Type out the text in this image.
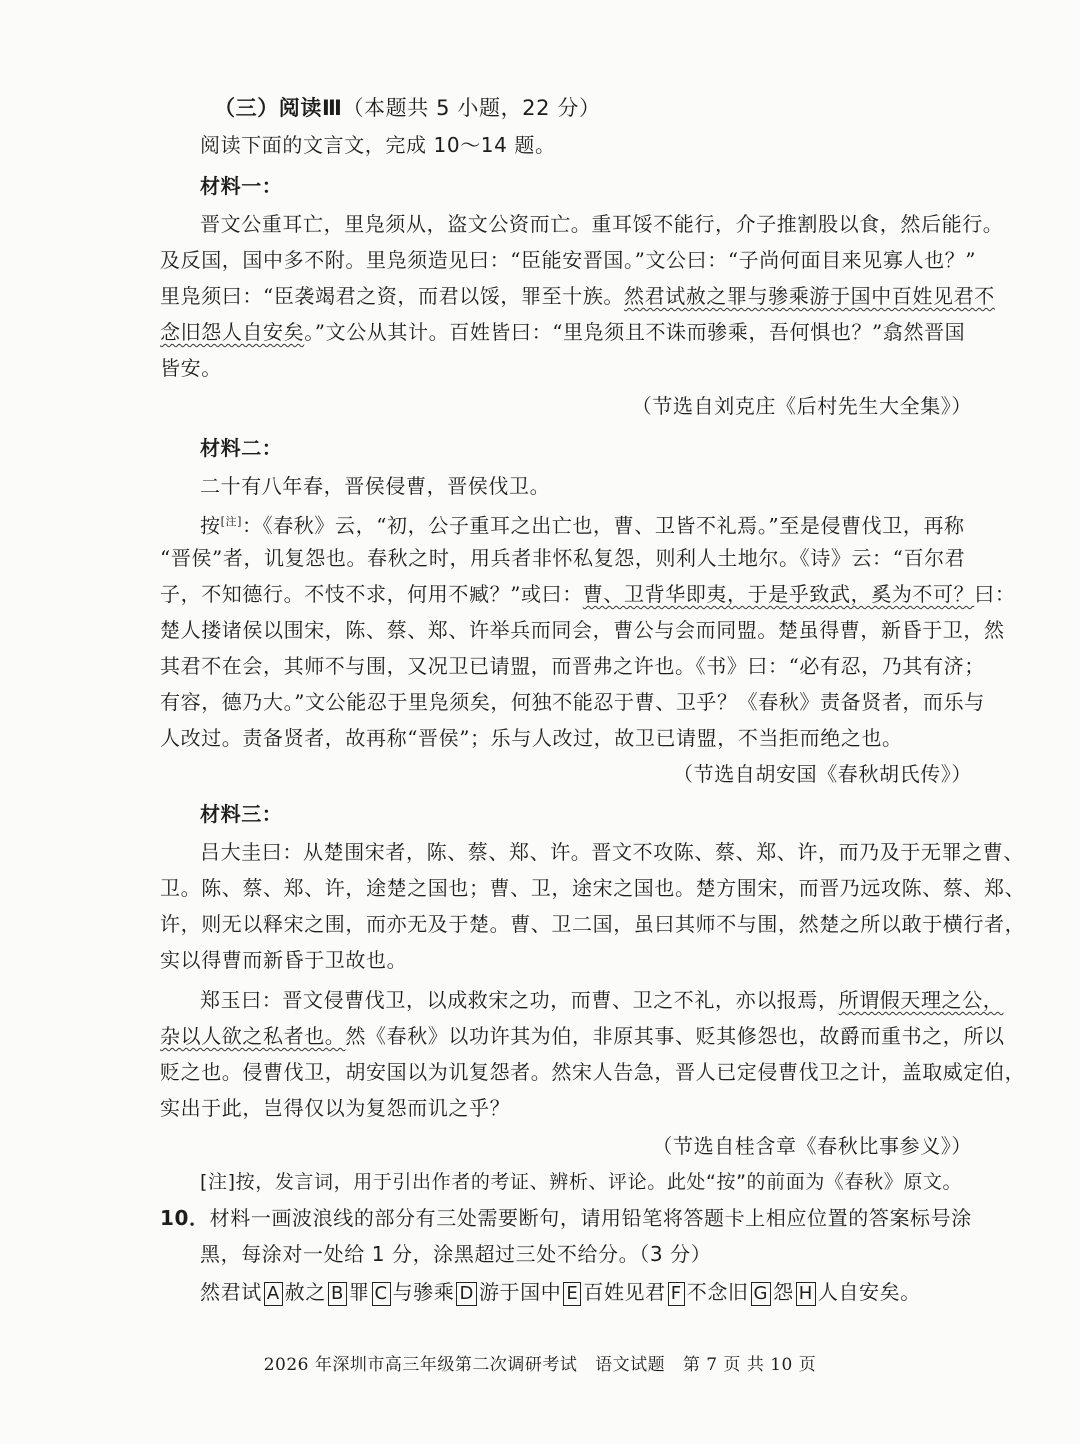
（三）阅读Ⅲ（本题共 5 小题，22 分）
阅读下面的文言文，完成 10～14 题。
材料一：
晋文公重耳亡，里凫须从，盗文公资而亡。重耳馁不能行，介子推割股以食，然后能行。
及反国，国中多不附。里凫须造见曰：“臣能安晋国。”文公曰：“子尚何面目来见寡人也？”
里凫须曰：“臣袭竭君之资，而君以馁，罪至十族。然君试赦之罪与骖乘游于国中百姓见君不
念旧怨人自安矣。”文公从其计。百姓皆曰：“里凫须且不诛而骖乘，吾何惧也？”翕然晋国
皆安。
（节选自刘克庄《后村先生大全集》）
材料二：
二十有八年春，晋侯侵曹，晋侯伐卫。
按[注]：《春秋》云，“初，公子重耳之出亡也，曹、卫皆不礼焉。”至是侵曹伐卫，再称
“晋侯”者，讥复怨也。春秋之时，用兵者非怀私复怨，则利人土地尔。《诗》云：“百尔君
子，不知德行。不忮不求，何用不臧？”或曰：曹、卫背华即夷，于是乎致武，奚为不可？曰：
楚人搂诸侯以围宋，陈、蔡、郑、许举兵而同会，曹公与会而同盟。楚虽得曹，新昏于卫，然
其君不在会，其师不与围，又况卫已请盟，而晋弗之许也。《书》曰：“必有忍，乃其有济；
有容，德乃大。”文公能忍于里凫须矣，何独不能忍于曹、卫乎？《春秋》责备贤者，而乐与
人改过。责备贤者，故再称“晋侯”；乐与人改过，故卫已请盟，不当拒而绝之也。
（节选自胡安国《春秋胡氏传》）
材料三：
吕大圭曰：从楚围宋者，陈、蔡、郑、许。晋文不攻陈、蔡、郑、许，而乃及于无罪之曹、
卫。陈、蔡、郑、许，途楚之国也；曹、卫，途宋之国也。楚方围宋，而晋乃远攻陈、蔡、郑、
许，则无以释宋之围，而亦无及于楚。曹、卫二国，虽曰其师不与围，然楚之所以敢于横行者，
实以得曹而新昏于卫故也。
郑玉曰：晋文侵曹伐卫，以成救宋之功，而曹、卫之不礼，亦以报焉，所谓假天理之公，
杂以人欲之私者也。然《春秋》以功许其为伯，非原其事、贬其修怨也，故爵而重书之，所以
贬之也。侵曹伐卫，胡安国以为讥复怨者。然宋人告急，晋人已定侵曹伐卫之计，盖取威定伯，
实出于此，岂得仅以为复怨而讥之乎？
（节选自桂含章《春秋比事参义》）
[注]按，发言词，用于引出作者的考证、辨析、评论。此处“按”的前面为《春秋》原文。
10．材料一画波浪线的部分有三处需要断句，请用铅笔将答题卡上相应位置的答案标号涂
黑，每涂对一处给 1 分，涂黑超过三处不给分。（3 分）
然君试 A 赦之 B 罪 C 与骖乘 D 游于国中 E 百姓见君 F 不念旧 G 怨 H 人自安矣。
2026 年深圳市高三年级第二次调研考试 语文试题 第 7 页 共 10 页
